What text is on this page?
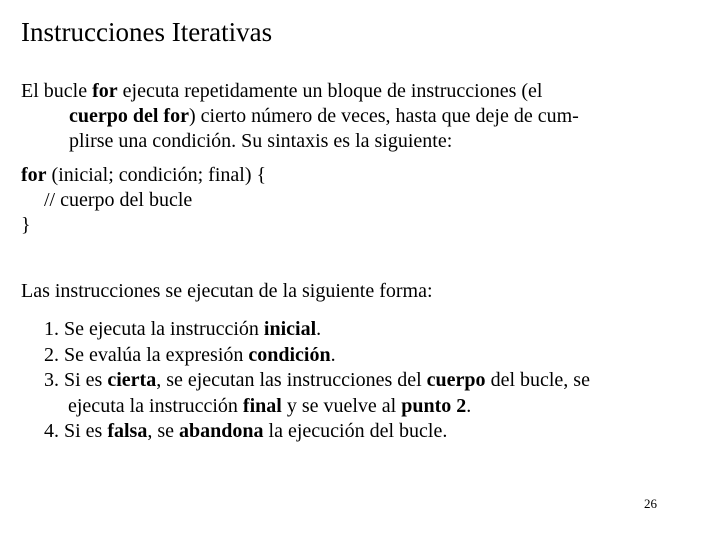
Instrucciones Iterativas
El bucle for ejecuta repetidamente un bloque de instrucciones (el
cuerpo del for) cierto número de veces, hasta que deje de cum-
plirse una condición. Su sintaxis es la siguiente:
for (inicial; condición; final) {
// cuerpo del bucle
}
Las instrucciones se ejecutan de la siguiente forma:
1. Se ejecuta la instrucción inicial.
2. Se evalúa la expresión condición.
3. Si es cierta, se ejecutan las instrucciones del cuerpo del bucle, se
ejecuta la instrucción final y se vuelve al punto 2.
4. Si es falsa, se abandona la ejecución del bucle.
26
